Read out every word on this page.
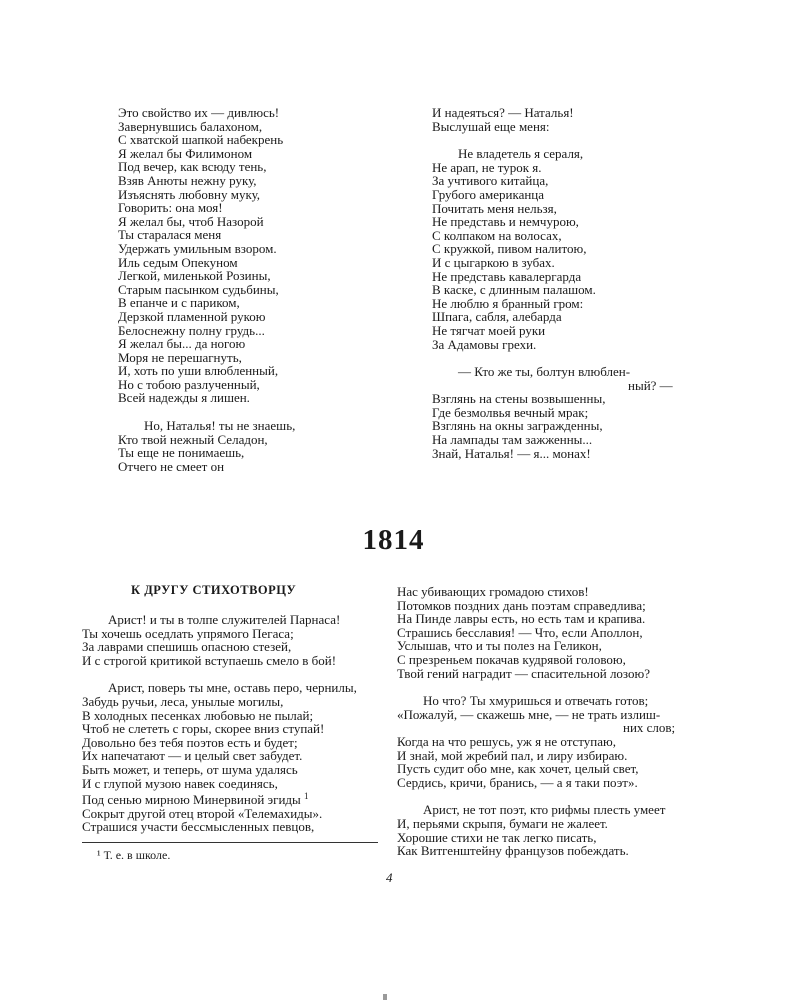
Это свойство их — дивлюсь!
Завернувшись балахоном,
С хватской шапкой набекрень
Я желал бы Филимоном
Под вечер, как всюду тень,
Взяв Анюты нежну руку,
Изъяснять любовну муку,
Говорить: она моя!
Я желал бы, чтоб Назорой
Ты старалася меня
Удержать умильным взором.
Иль седым Опекуном
Легкой, миленькой Розины,
Старым пасынком судьбины,
В епанче и с париком,
Дерзкой пламенной рукою
Белоснежну полну грудь...
Я желал бы... да ногою
Моря не перешагнуть,
И, хоть по уши влюбленный,
Но с тобою разлученный,
Всей надежды я лишен.
Но, Наталья! ты не знаешь,
Кто твой нежный Селадон,
Ты еще не понимаешь,
Отчего не смеет он
И надеяться? — Наталья!
Выслушай еще меня:
Не владетель я сераля,
Не арап, не турок я.
За учтивого китайца,
Грубого американца
Почитать меня нельзя,
Не представь и немчурою,
С колпаком на волосах,
С кружкой, пивом налитою,
И с цыгаркою в зубах.
Не представь кавалергарда
В каске, с длинным палашом.
Не люблю я бранный гром:
Шпага, сабля, алебарда
Не тягчат моей руки
За Адамовы грехи.
— Кто же ты, болтун влюблен-
ный? —
Взглянь на стены возвышенны,
Где безмолвья вечный мрак;
Взглянь на окны загражденны,
На лампады там зажженны...
Знай, Наталья! — я... монах!
1814
К ДРУГУ СТИХОТВОРЦУ
Арист! и ты в толпе служителей Парнаса!
Ты хочешь оседлать упрямого Пегаса;
За лаврами спешишь опасною стезей,
И с строгой критикой вступаешь смело в бой!
Арист, поверь ты мне, оставь перо, чернилы,
Забудь ручьи, леса, унылые могилы,
В холодных песенках любовью не пылай;
Чтоб не слететь с горы, скорее вниз ступай!
Довольно без тебя поэтов есть и будет;
Их напечатают — и целый свет забудет.
Быть может, и теперь, от шума удалясь
И с глупой музою навек соединясь,
Под сенью мирною Минервиной эгиды $^1$
Сокрыт другой отец второй «Телемахиды».
Страшися участи бессмысленных певцов,
¹ Т. е. в школе.
Нас убивающих громадою стихов!
Потомков поздних дань поэтам справедлива;
На Пинде лавры есть, но есть там и крапива.
Страшись бесславия! — Что, если Аполлон,
Услышав, что и ты полез на Геликон,
С презреньем покачав кудрявой головою,
Твой гений наградит — спасительной лозою?
Но что? Ты хмуришься и отвечать готов;
«Пожалуй, — скажешь мне, — не трать излиш-
них слов;
Когда на что решусь, уж я не отступаю,
И знай, мой жребий пал, и лиру избираю.
Пусть судит обо мне, как хочет, целый свет,
Сердись, кричи, бранись, — а я таки поэт».
Арист, не тот поэт, кто рифмы плесть умеет
И, перьями скрыпя, бумаги не жалеет.
Хорошие стихи не так легко писать,
Как Витгенштейну французов побеждать.
4
